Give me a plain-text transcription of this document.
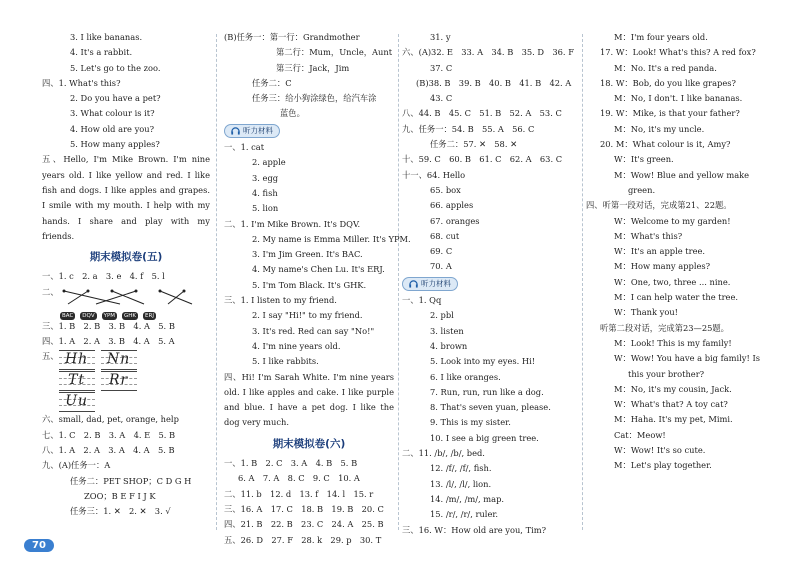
3. I like bananas.
4. It's a rabbit.
5. Let's go to the zoo.
四、1. What's this?
2. Do you have a pet?
3. What colour is it?
4. How old are you?
5. How many apples?
五、Hello, I'm Mike Brown. I'm nine years old. I like yellow and red. I like fish and dogs. I like apples and grapes. I smile with my mouth. I help with my hands. I share and play with my friends.
期末模拟卷(五)
一、1. c　2. a　3. e　4. f　5. l
二、
BAC DQV YPM GHK ERJ
三、1. B　2. B　3. B　4. A　5. B
四、1. A　2. A　3. B　4. A　5. A
五、 Hh Nn
Tt Rr
Uu
六、small, dad, pet, orange, help
七、1. C　2. B　3. A　4. E　5. B
八、1. A　2. A　3. A　4. A　5. B
九、(A)任务一：A
任务二：PET SHOP；C D G H
ZOO；B E F I J K
任务三：1. ✕　2. ✕　3. √
(B)任务一：第一行：Grandmother
第二行：Mum，Uncle，Aunt
第三行：Jack，Jim
任务二：C
任务三：给小狗涂绿色，给汽车涂
蓝色。
听力材料
一、1. cat
2. apple
3. egg
4. fish
5. lion
二、1. I'm Mike Brown. It's DQV.
2. My name is Emma Miller. It's YPM.
3. I'm Jim Green. It's BAC.
4. My name's Chen Lu. It's ERJ.
5. I'm Tom Black. It's GHK.
三、1. I listen to my friend.
2. I say "Hi!" to my friend.
3. It's red. Red can say "No!"
4. I'm nine years old.
5. I like rabbits.
四、Hi! I'm Sarah White. I'm nine years old. I like apples and cake. I like purple and blue. I have a pet dog. I like the dog very much.
期末模拟卷(六)
一、1. B　2. C　3. A　4. B　5. B
6. A　7. A　8. C　9. C　10. A
二、11. b　12. d　13. f　14. l　15. r
三、16. A　17. C　18. B　19. B　20. C
四、21. B　22. B　23. C　24. A　25. B
五、26. D　27. F　28. k　29. p　30. T
31. y
六、(A)32. E　33. A　34. B　35. D　36. F
37. C
(B)38. B　39. B　40. B　41. B　42. A
43. C
八、44. B　45. C　51. B　52. A　53. C
九、任务一：54. B　55. A　56. C
任务二：57. ✕　58. ✕
十、59. C　60. B　61. C　62. A　63. C
十一、64. Hello
65. box
66. apples
67. oranges
68. cut
69. C
70. A
听力材料
一、1. Qq
2. pbl
3. listen
4. brown
5. Look into my eyes. Hi!
6. I like oranges.
7. Run, run, run like a dog.
8. That's seven yuan, please.
9. This is my sister.
10. I see a big green tree.
二、11. /b/, /b/, bed.
12. /f/, /f/, fish.
13. /l/, /l/, lion.
14. /m/, /m/, map.
15. /r/, /r/, ruler.
三、16. W：How old are you, Tim?
M：I'm four years old.
17. W：Look! What's this? A red fox?
M：No. It's a red panda.
18. W：Bob, do you like grapes?
M：No, I don't. I like bananas.
19. W：Mike, is that your father?
M：No, it's my uncle.
20. M：What colour is it, Amy?
W：It's green.
M：Wow! Blue and yellow make
green.
四、听第一段对话，完成第21、22题。
W：Welcome to my garden!
M：What's this?
W：It's an apple tree.
M：How many apples?
W：One, two, three ... nine.
M：I can help water the tree.
W：Thank you!
听第二段对话，完成第23—25题。
M：Look! This is my family!
W：Wow! You have a big family! Is
this your brother?
M：No, it's my cousin, Jack.
W：What's that? A toy cat?
M：Haha. It's my pet, Mimi.
Cat：Meow!
W：Wow! It's so cute.
M：Let's play together.
70
